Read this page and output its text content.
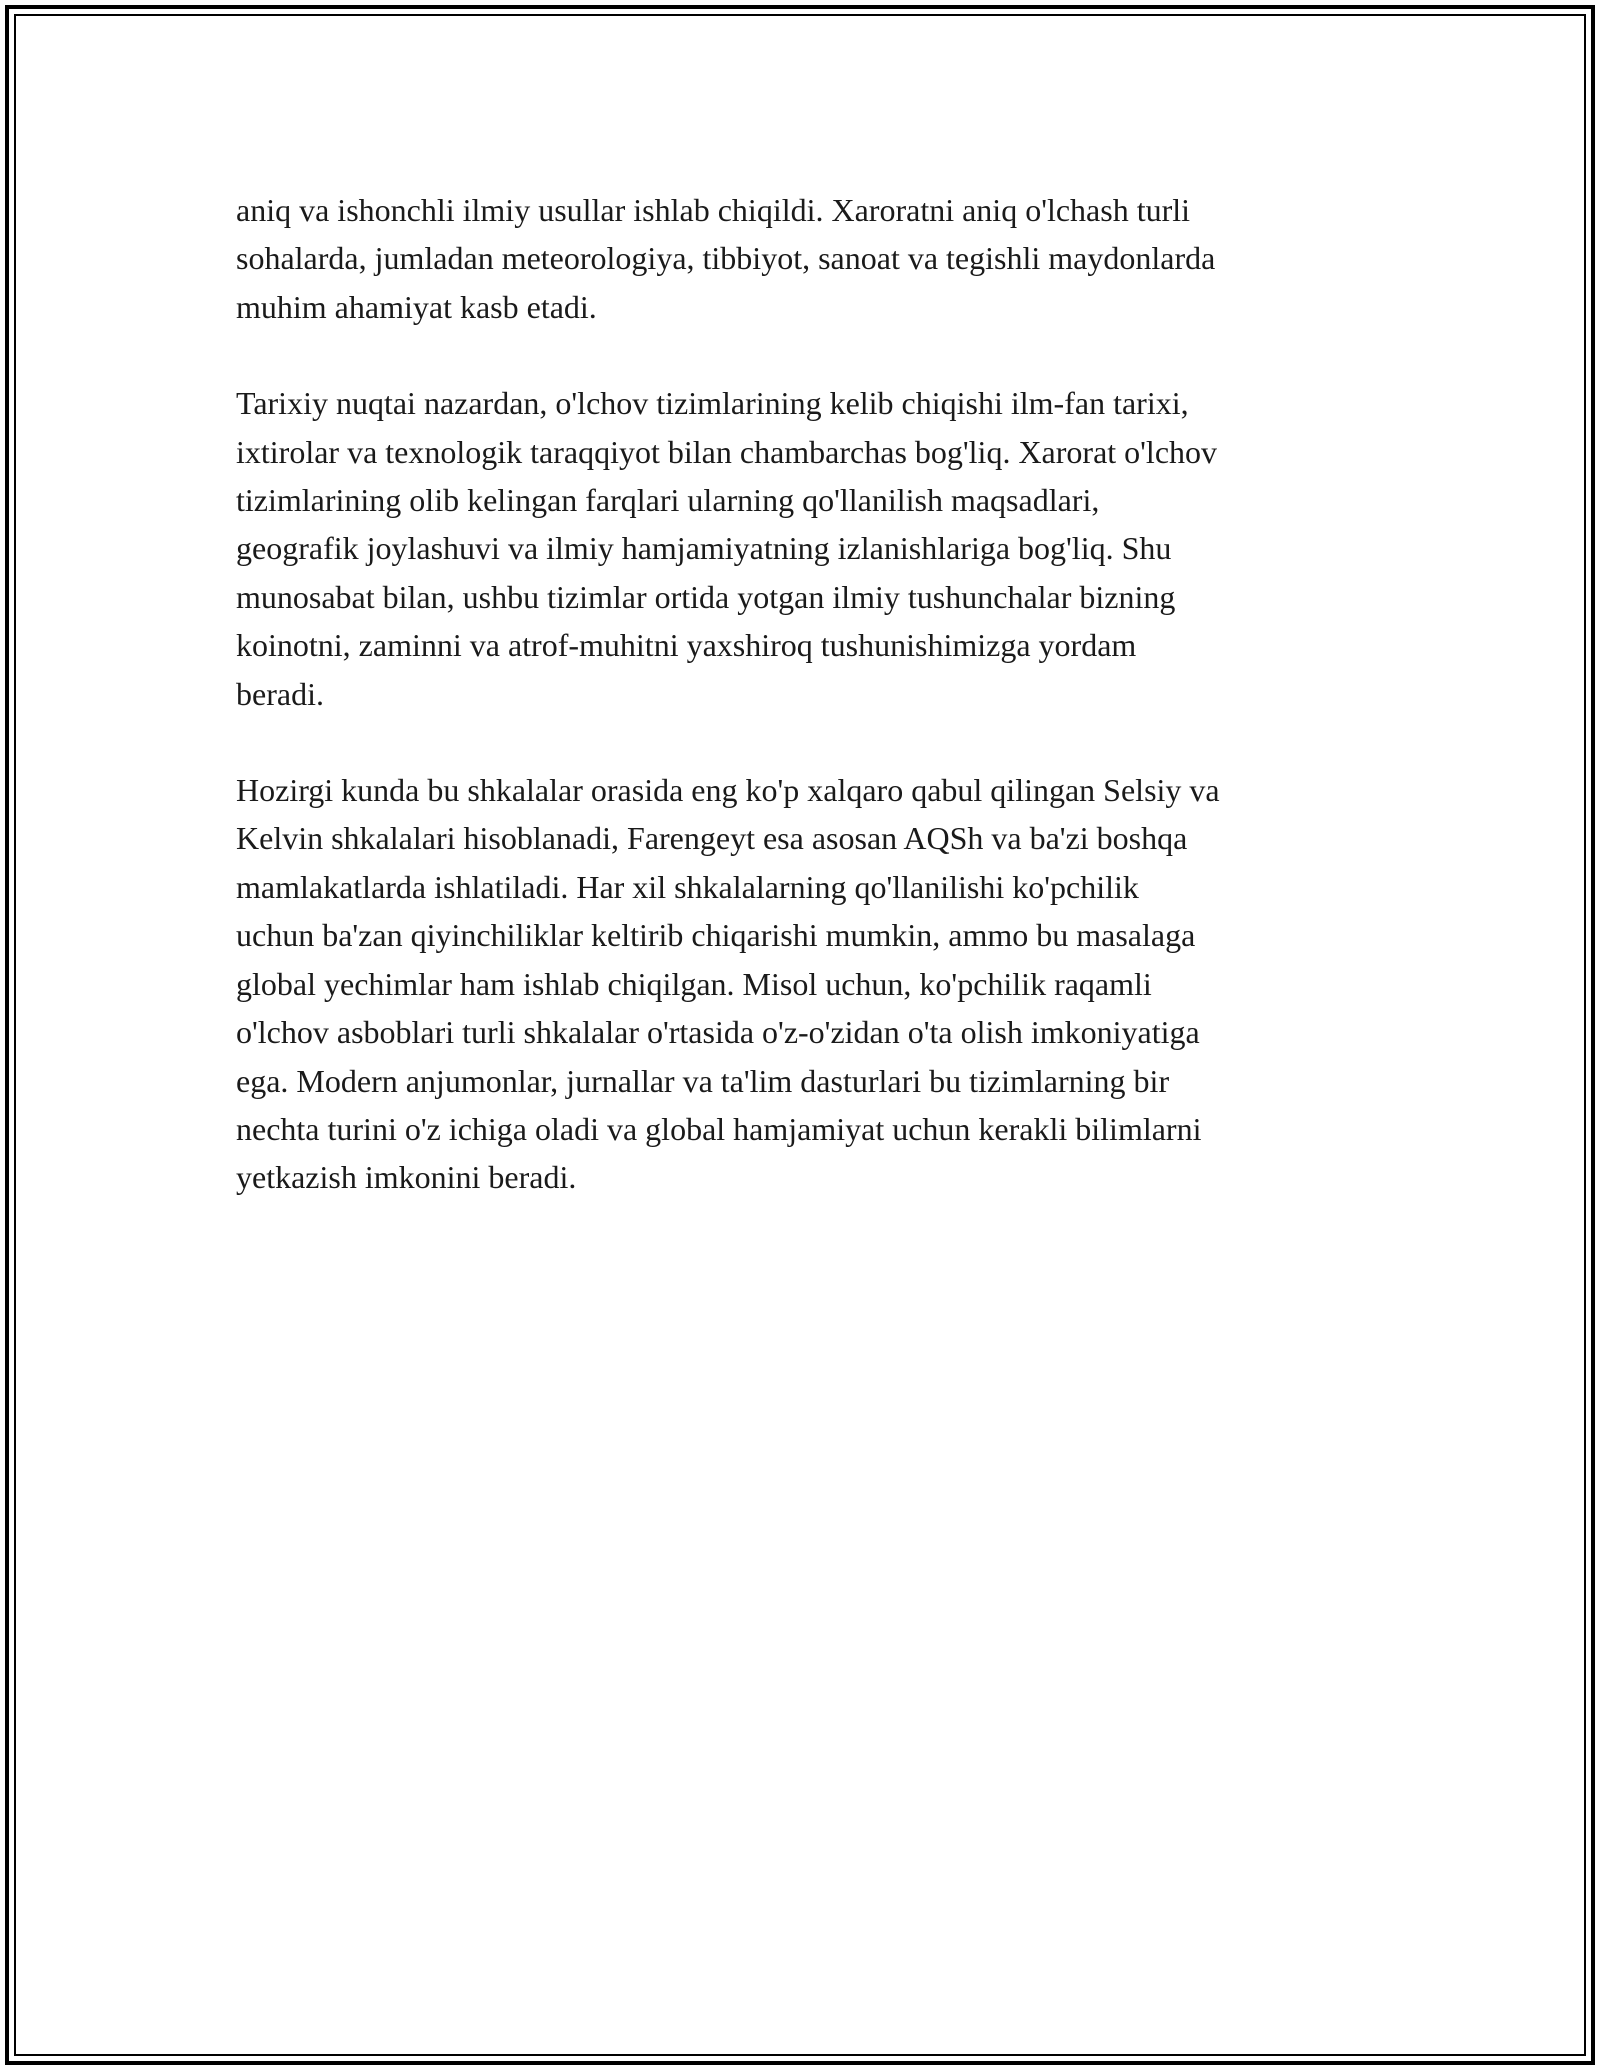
aniq va ishonchli ilmiy usullar ishlab chiqildi. Xaroratni aniq o'lchash turli
sohalarda, jumladan meteorologiya, tibbiyot, sanoat va tegishli maydonlarda
muhim ahamiyat kasb etadi.

Tarixiy nuqtai nazardan, o'lchov tizimlarining kelib chiqishi ilm-fan tarixi,
ixtirolar va texnologik taraqqiyot bilan chambarchas bog'liq. Xarorat o'lchov
tizimlarining olib kelingan farqlari ularning qo'llanilish maqsadlari,
geografik joylashuvi va ilmiy hamjamiyatning izlanishlariga bog'liq. Shu
munosabat bilan, ushbu tizimlar ortida yotgan ilmiy tushunchalar bizning
koinotni, zaminni va atrof-muhitni yaxshiroq tushunishimizga yordam
beradi.

Hozirgi kunda bu shkalalar orasida eng ko'p xalqaro qabul qilingan Selsiy va
Kelvin shkalalari hisoblanadi, Farengeyt esa asosan AQSh va ba'zi boshqa
mamlakatlarda ishlatiladi. Har xil shkalalarning qo'llanilishi ko'pchilik
uchun ba'zan qiyinchiliklar keltirib chiqarishi mumkin, ammo bu masalaga
global yechimlar ham ishlab chiqilgan. Misol uchun, ko'pchilik raqamli
o'lchov asboblari turli shkalalar o'rtasida o'z-o'zidan o'ta olish imkoniyatiga
ega. Modern anjumonlar, jurnallar va ta'lim dasturlari bu tizimlarning bir
nechta turini o'z ichiga oladi va global hamjamiyat uchun kerakli bilimlarni
yetkazish imkonini beradi.
